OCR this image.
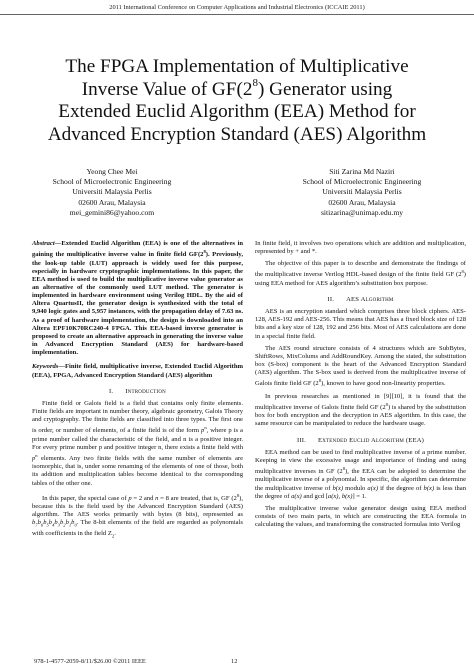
2011 International Conference on Computer Applications and Industrial Electronics (ICCAIE 2011)
The FPGA Implementation of Multiplicative
Inverse Value of $GF(2^8)$ Generator using
Extended Euclid Algorithm (EEA) Method for
Advanced Encryption Standard (AES) Algorithm
Yeong Chee Mei
School of Microelectronic Engineering
Universiti Malaysia Perlis
02600 Arau, Malaysia
mei_gemini86@yahoo.com
Siti Zarina Md Naziri
School of Microelectronic Engineering
Universiti Malaysia Perlis
02600 Arau, Malaysia
sitizarina@unimap.edu.my
Abstract—Extended Euclid Algorithm (EEA) is one of the alternatives in gaining the multiplicative inverse value in finite field $GF(2^8)$. Previously, the look-up table (LUT) approach is widely used for this purpose, especially in hardware cryptographic implementations. In this paper, the EEA method is used to build the multiplicative inverse value generator as an alternative of the commonly used LUT method. The generator is implemented in hardware environment using Verilog HDL. By the aid of Altera QuartusII, the generator design is synthesized with the total of 9,940 logic gates and 5,957 instances, with the propagation delay of 7.63 ns. As a proof of hardware implementation, the design is downloaded into an Altera EPF10K70RC240-4 FPGA. This EEA-based inverse generator is proposed to create an alternative approach in generating the inverse value in Advanced Encryption Standard (AES) for hardware-based implementation.
Keywords—Finite field, multiplicative inverse, Extended Euclid Algorithm (EEA), FPGA, Advanced Encryption Standard (AES) algorithm
I. Introduction
Finite field or Galois field is a field that contains only finite elements. Finite fields are important in number theory, algebraic geometry, Galois Theory and cryptography. The finite fields are classified into three types. The first one is order, or number of elements, of a finite field is of the form $p^n$, where p is a prime number called the characteristic of the field, and n is a positive integer. For every prime number p and positive integer n, there exists a finite field with $p^n$ elements. Any two finite fields with the same number of elements are isomorphic, that is, under some renaming of the elements of one of those, both its addition and multiplication tables become identical to the corresponding tables of the other one.
In this paper, the special case of p = 2 and n = 8 are treated, that is, GF $(2^8)$, because this is the field used by the Advanced Encryption Standard (AES) algorithm. The AES works primarily with bytes (8 bits), represented as $b_7b_6b_5b_4b_3b_2b_1b_0$. The 8-bit elements of the field are regarded as polynomials with coefficients in the field $Z_2$.
In finite field, it involves two operations which are addition and multiplication, represented by + and *.
The objective of this paper is to describe and demonstrate the findings of the multiplicative inverse Verilog HDL-based design of the finite field GF $(2^8)$ using EEA method for AES algorithm’s substitution box purpose.
II. AES Algorithm
AES is an encryption standard which comprises three block ciphers. AES-128, AES-192 and AES-256. This means that AES has a fixed block size of 128 bits and a key size of 128, 192 and 256 bits. Most of AES calculations are done in a special finite field.
The AES round structure consists of 4 structures which are SubBytes, ShiftRows, MixColums and AddRoundKey. Among the stated, the substitution box (S-box) component is the heart of the Advanced Encryption Standard (AES) algorithm. The S-box used is derived from the multiplicative inverse of Galois finite field GF $(2^8)$, known to have good non-linearity properties.
In previous researches as mentioned in [9][10], it is found that the multiplicative inverse of Galois finite field GF $(2^8)$ is shared by the substitution box for both encryption and the decryption in AES algorithm. In this case, the same resource can be manipulated to reduce the hardware usage.
III. Extended Euclid Algorithm (EEA)
EEA method can be used to find multiplicative inverse of a prime number. Keeping in view the excessive usage and importance of finding and using multiplicative inverses in GF $(2^8)$, the EEA can be adopted to determine the multiplicative inverse of a polynomial. In specific, the algorithm can determine the multiplicative inverse of b(x) modulo a(x) if the degree of b(x) is less than the degree of a(x) and gcd [a(x), b(x)] = 1.
The multiplicative inverse value generator design using EEA method consists of two main parts, in which are constructing the EEA formula in calculating the values, and transforming the constructed formulas into Verilog
978-1-4577-2059-8/11/$26.00 ©2011 IEEE	12
